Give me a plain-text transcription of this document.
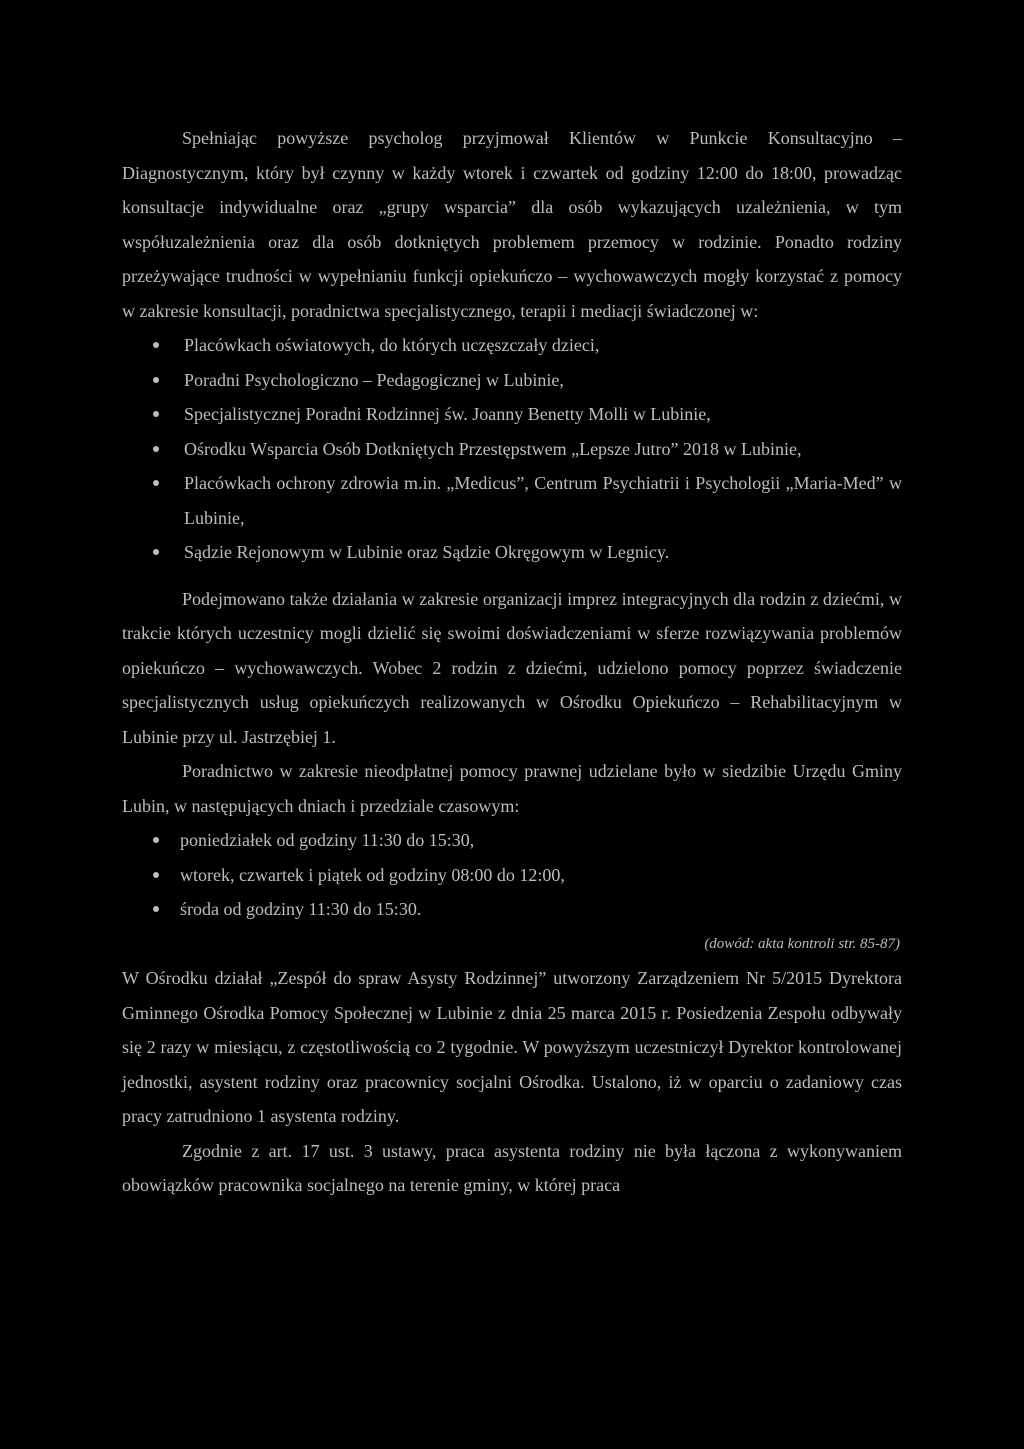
Spełniając powyższe psycholog przyjmował Klientów w Punkcie Konsultacyjno – Diagnostycznym, który był czynny w każdy wtorek i czwartek od godziny 12:00 do 18:00, prowadząc konsultacje indywidualne oraz „grupy wsparcia” dla osób wykazujących uzależnienia, w tym współuzależnienia oraz dla osób dotkniętych problemem przemocy w rodzinie. Ponadto rodziny przeżywające trudności w wypełnianiu funkcji opiekuńczo – wychowawczych mogły korzystać z pomocy w zakresie konsultacji, poradnictwa specjalistycznego, terapii i mediacji świadczonej w:

Placówkach oświatowych, do których uczęszczały dzieci,
Poradni Psychologiczno – Pedagogicznej w Lubinie,
Specjalistycznej Poradni Rodzinnej św. Joanny Benetty Molli w Lubinie,
Ośrodku Wsparcia Osób Dotkniętych Przestępstwem „Lepsze Jutro” 2018 w Lubinie,
Placówkach ochrony zdrowia m.in. „Medicus”, Centrum Psychiatrii i Psychologii „Maria-Med” w Lubinie,
Sądzie Rejonowym w Lubinie oraz Sądzie Okręgowym w Legnicy.

Podejmowano także działania w zakresie organizacji imprez integracyjnych dla rodzin z dziećmi, w trakcie których uczestnicy mogli dzielić się swoimi doświadczeniami w sferze rozwiązywania problemów opiekuńczo – wychowawczych. Wobec 2 rodzin z dziećmi, udzielono pomocy poprzez świadczenie specjalistycznych usług opiekuńczych realizowanych w Ośrodku Opiekuńczo – Rehabilitacyjnym w Lubinie przy ul. Jastrzębiej 1.

Poradnictwo w zakresie nieodpłatnej pomocy prawnej udzielane było w siedzibie Urzędu Gminy Lubin, w następujących dniach i przedziale czasowym:

poniedziałek od godziny 11:30 do 15:30,
wtorek, czwartek i piątek od godziny 08:00 do 12:00,
środa od godziny 11:30 do 15:30.
(dowód: akta kontroli str. 85-87)

W Ośrodku działał „Zespół do spraw Asysty Rodzinnej” utworzony Zarządzeniem Nr 5/2015 Dyrektora Gminnego Ośrodka Pomocy Społecznej w Lubinie z dnia 25 marca 2015 r. Posiedzenia Zespołu odbywały się 2 razy w miesiącu, z częstotliwością co 2 tygodnie. W powyższym uczestniczył Dyrektor kontrolowanej jednostki, asystent rodziny oraz pracownicy socjalni Ośrodka. Ustalono, iż w oparciu o zadaniowy czas pracy zatrudniono 1 asystenta rodziny.

Zgodnie z art. 17 ust. 3 ustawy, praca asystenta rodziny nie była łączona z wykonywaniem obowiązków pracownika socjalnego na terenie gminy, w której praca
